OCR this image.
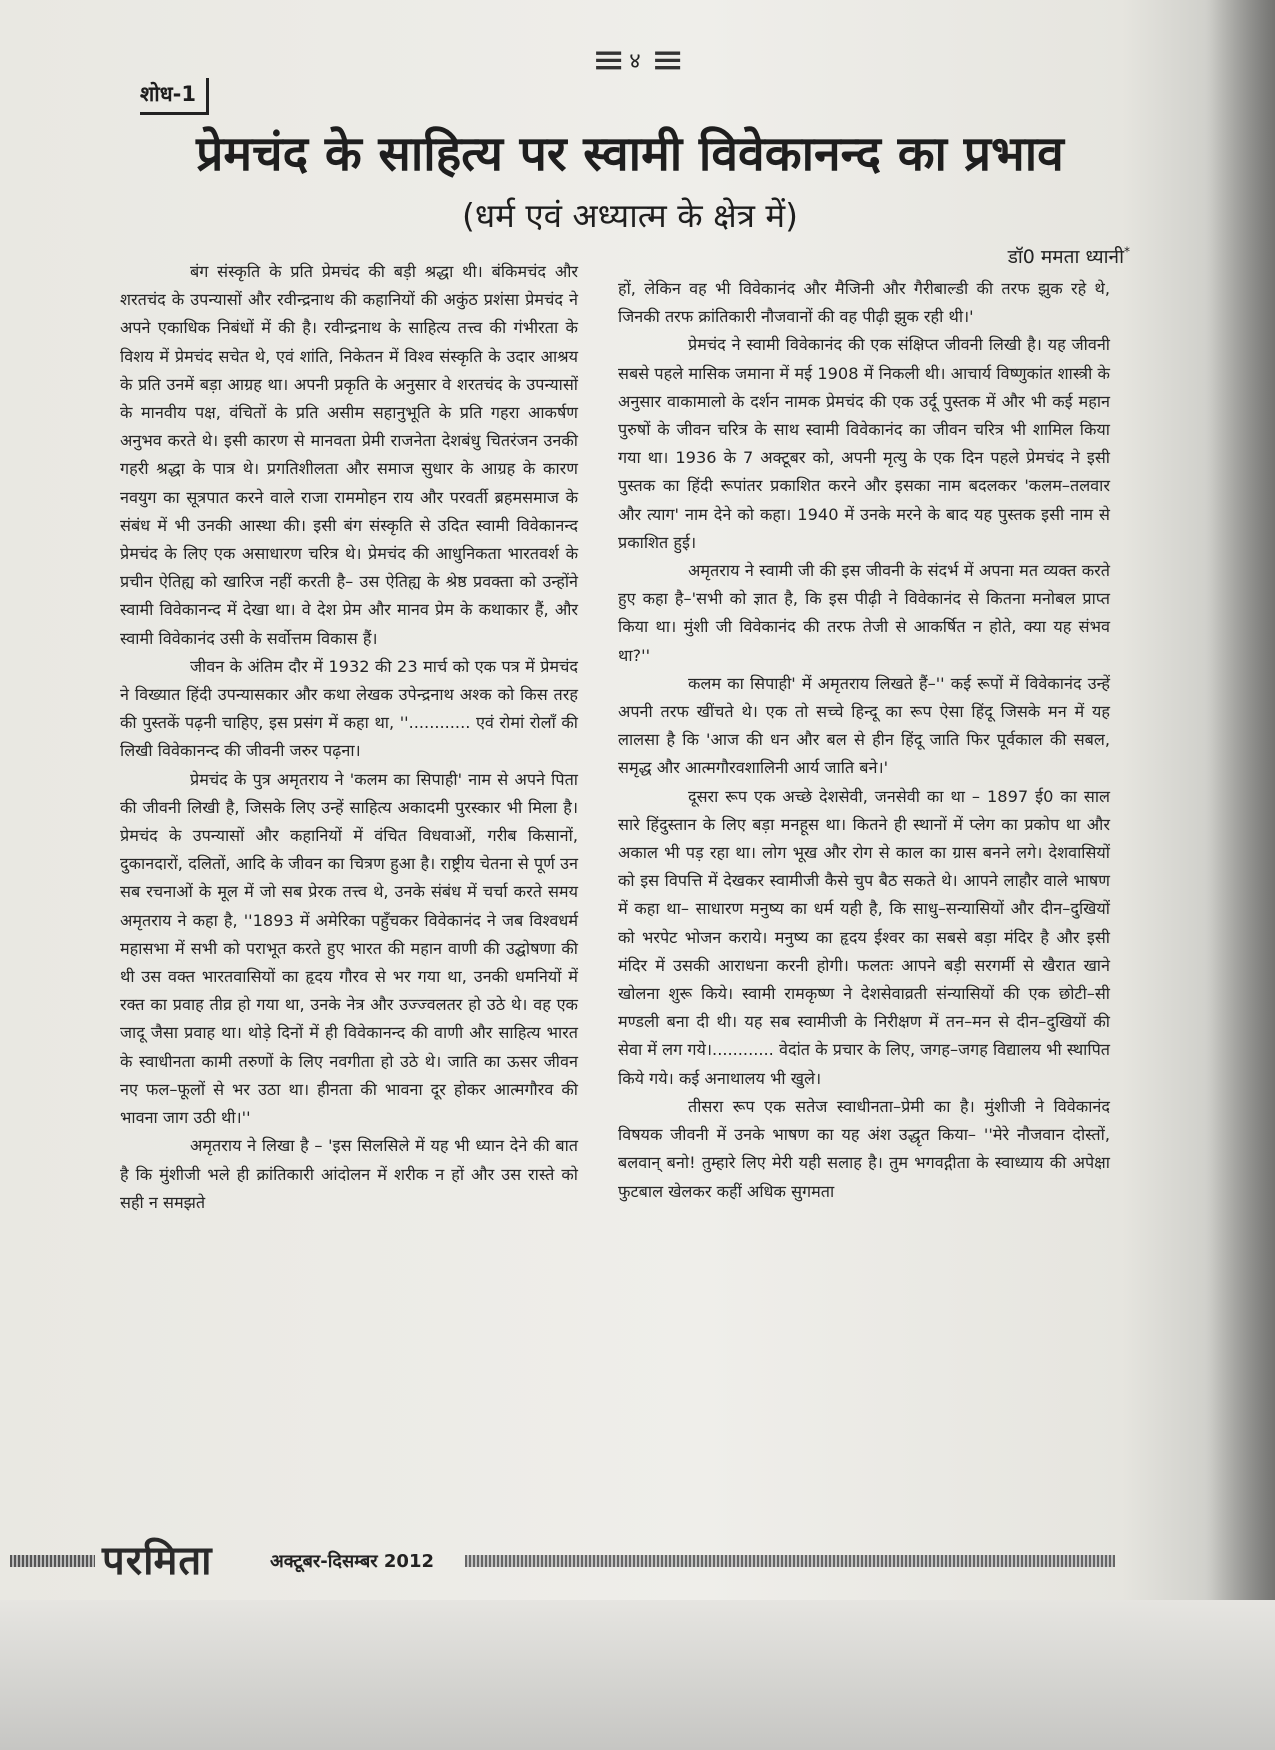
≡ ४ ≡
शोध-1
प्रेमचंद के साहित्य पर स्वामी विवेकानन्द का प्रभाव
(धर्म एवं अध्यात्म के क्षेत्र में)
डॉ0 ममता ध्यानी*

बंग संस्कृति के प्रति प्रेमचंद की बड़ी श्रद्धा थी। बंकिमचंद और शरतचंद के उपन्यासों और रवीन्द्रनाथ की कहानियों की अकुंठ प्रशंसा प्रेमचंद ने अपने एकाधिक निबंधों में की है। रवीन्द्रनाथ के साहित्य तत्त्व की गंभीरता के विशय में प्रेमचंद सचेत थे, एवं शांति, निकेतन में विश्व संस्कृति के उदार आश्रय के प्रति उनमें बड़ा आग्रह था। अपनी प्रकृति के अनुसार वे शरतचंद के उपन्यासों के मानवीय पक्ष, वंचितों के प्रति असीम सहानुभूति के प्रति गहरा आकर्षण अनुभव करते थे। इसी कारण से मानवता प्रेमी राजनेता देशबंधु चितरंजन उनकी गहरी श्रद्धा के पात्र थे। प्रगतिशीलता और समाज सुधार के आग्रह के कारण नवयुग का सूत्रपात करने वाले राजा राममोहन राय और परवर्ती ब्रहमसमाज के संबंध में भी उनकी आस्था की। इसी बंग संस्कृति से उदित स्वामी विवेकानन्द प्रेमचंद के लिए एक असाधारण चरित्र थे। प्रेमचंद की आधुनिकता भारतवर्श के प्रचीन ऐतिह्य को खारिज नहीं करती है– उस ऐतिह्य के श्रेष्ठ प्रवक्ता को उन्होंने स्वामी विवेकानन्द में देखा था। वे देश प्रेम और मानव प्रेम के कथाकार हैं, और स्वामी विवेकानंद उसी के सर्वोत्तम विकास हैं।

जीवन के अंतिम दौर में 1932 की 23 मार्च को एक पत्र में प्रेमचंद ने विख्यात हिंदी उपन्यासकार और कथा लेखक उपेन्द्रनाथ अश्क को किस तरह की पुस्तकें पढ़नी चाहिए, इस प्रसंग में कहा था, ''............ एवं रोमां रोलाँ की लिखी विवेकानन्द की जीवनी जरुर पढ़ना।

प्रेमचंद के पुत्र अमृतराय ने 'कलम का सिपाही' नाम से अपने पिता की जीवनी लिखी है, जिसके लिए उन्हें साहित्य अकादमी पुरस्कार भी मिला है। प्रेमचंद के उपन्यासों और कहानियों में वंचित विधवाओं, गरीब किसानों, दुकानदारों, दलितों, आदि के जीवन का चित्रण हुआ है। राष्ट्रीय चेतना से पूर्ण उन सब रचनाओं के मूल में जो सब प्रेरक तत्त्व थे, उनके संबंध में चर्चा करते समय अमृतराय ने कहा है, ''1893 में अमेरिका पहुँचकर विवेकानंद ने जब विश्वधर्म महासभा में सभी को पराभूत करते हुए भारत की महान वाणी की उद्घोषणा की थी उस वक्त भारतवासियों का हृदय गौरव से भर गया था, उनकी धमनियों में रक्त का प्रवाह तीव्र हो गया था, उनके नेत्र और उज्ज्वलतर हो उठे थे। वह एक जादू जैसा प्रवाह था। थोड़े दिनों में ही विवेकानन्द की वाणी और साहित्य भारत के स्वाधीनता कामी तरुणों के लिए नवगीता हो उठे थे। जाति का ऊसर जीवन नए फल–फूलों से भर उठा था। हीनता की भावना दूर होकर आत्मगौरव की भावना जाग उठी थी।''

अमृतराय ने लिखा है – 'इस सिलसिले में यह भी ध्यान देने की बात है कि मुंशीजी भले ही क्रांतिकारी आंदोलन में शरीक न हों और उस रास्ते को सही न समझते

हों, लेकिन वह भी विवेकानंद और मैजिनी और गैरीबाल्डी की तरफ झुक रहे थे, जिनकी तरफ क्रांतिकारी नौजवानों की वह पीढ़ी झुक रही थी।'

प्रेमचंद ने स्वामी विवेकानंद की एक संक्षिप्त जीवनी लिखी है। यह जीवनी सबसे पहले मासिक जमाना में मई 1908 में निकली थी। आचार्य विष्णुकांत शास्त्री के अनुसार वाकामालो के दर्शन नामक प्रेमचंद की एक उर्दू पुस्तक में और भी कई महान पुरुषों के जीवन चरित्र के साथ स्वामी विवेकानंद का जीवन चरित्र भी शामिल किया गया था। 1936 के 7 अक्टूबर को, अपनी मृत्यु के एक दिन पहले प्रेमचंद ने इसी पुस्तक का हिंदी रूपांतर प्रकाशित करने और इसका नाम बदलकर 'कलम–तलवार और त्याग' नाम देने को कहा। 1940 में उनके मरने के बाद यह पुस्तक इसी नाम से प्रकाशित हुई।

अमृतराय ने स्वामी जी की इस जीवनी के संदर्भ में अपना मत व्यक्त करते हुए कहा है–'सभी को ज्ञात है, कि इस पीढ़ी ने विवेकानंद से कितना मनोबल प्राप्त किया था। मुंशी जी विवेकानंद की तरफ तेजी से आकर्षित न होते, क्या यह संभव था?''

कलम का सिपाही' में अमृतराय लिखते हैं–'' कई रूपों में विवेकानंद उन्हें अपनी तरफ खींचते थे। एक तो सच्चे हिन्दू का रूप ऐसा हिंदू जिसके मन में यह लालसा है कि 'आज की धन और बल से हीन हिंदू जाति फिर पूर्वकाल की सबल, समृद्ध और आत्मगौरवशालिनी आर्य जाति बने।'

दूसरा रूप एक अच्छे देशसेवी, जनसेवी का था – 1897 ई0 का साल सारे हिंदुस्तान के लिए बड़ा मनहूस था। कितने ही स्थानों में प्लेग का प्रकोप था और अकाल भी पड़ रहा था। लोग भूख और रोग से काल का ग्रास बनने लगे। देशवासियों को इस विपत्ति में देखकर स्वामीजी कैसे चुप बैठ सकते थे। आपने लाहौर वाले भाषण में कहा था– साधारण मनुष्य का धर्म यही है, कि साधु–सन्यासियों और दीन–दुखियों को भरपेट भोजन कराये। मनुष्य का हृदय ईश्वर का सबसे बड़ा मंदिर है और इसी मंदिर में उसकी आराधना करनी होगी। फलतः आपने बड़ी सरगर्मी से खैरात खाने खोलना शुरू किये। स्वामी रामकृष्ण ने देशसेवाव्रती संन्यासियों की एक छोटी–सी मण्डली बना दी थी। यह सब स्वामीजी के निरीक्षण में तन–मन से दीन–दुखियों की सेवा में लग गये।............ वेदांत के प्रचार के लिए, जगह–जगह विद्यालय भी स्थापित किये गये। कई अनाथालय भी खुले।

तीसरा रूप एक सतेज स्वाधीनता–प्रेमी का है। मुंशीजी ने विवेकानंद विषयक जीवनी में उनके भाषण का यह अंश उद्धृत किया– ''मेरे नौजवान दोस्तों, बलवान् बनो! तुम्हारे लिए मेरी यही सलाह है। तुम भगवद्गीता के स्वाध्याय की अपेक्षा फुटबाल खेलकर कहीं अधिक सुगमता

परमिता	अक्टूबर-दिसम्बर 2012
